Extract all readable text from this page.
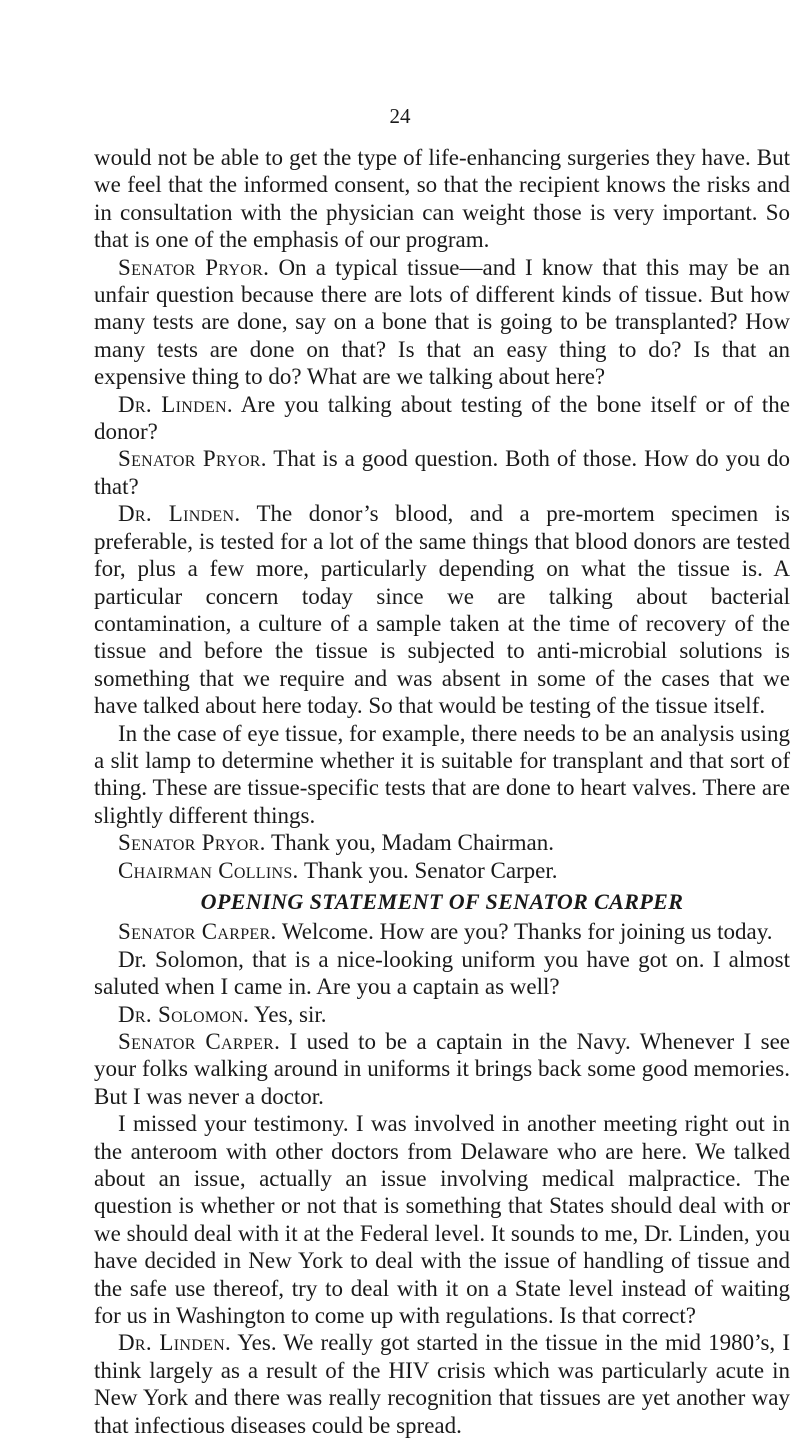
24

would not be able to get the type of life-enhancing surgeries they have. But we feel that the informed consent, so that the recipient knows the risks and in consultation with the physician can weight those is very important. So that is one of the emphasis of our program.

Senator Pryor. On a typical tissue—and I know that this may be an unfair question because there are lots of different kinds of tissue. But how many tests are done, say on a bone that is going to be transplanted? How many tests are done on that? Is that an easy thing to do? Is that an expensive thing to do? What are we talking about here?

Dr. Linden. Are you talking about testing of the bone itself or of the donor?

Senator Pryor. That is a good question. Both of those. How do you do that?

Dr. Linden. The donor’s blood, and a pre-mortem specimen is preferable, is tested for a lot of the same things that blood donors are tested for, plus a few more, particularly depending on what the tissue is. A particular concern today since we are talking about bacterial contamination, a culture of a sample taken at the time of recovery of the tissue and before the tissue is subjected to anti-microbial solutions is something that we require and was absent in some of the cases that we have talked about here today. So that would be testing of the tissue itself.

In the case of eye tissue, for example, there needs to be an analysis using a slit lamp to determine whether it is suitable for transplant and that sort of thing. These are tissue-specific tests that are done to heart valves. There are slightly different things.

Senator Pryor. Thank you, Madam Chairman.

Chairman Collins. Thank you. Senator Carper.

OPENING STATEMENT OF SENATOR CARPER

Senator Carper. Welcome. How are you? Thanks for joining us today.

Dr. Solomon, that is a nice-looking uniform you have got on. I almost saluted when I came in. Are you a captain as well?

Dr. Solomon. Yes, sir.

Senator Carper. I used to be a captain in the Navy. Whenever I see your folks walking around in uniforms it brings back some good memories. But I was never a doctor.

I missed your testimony. I was involved in another meeting right out in the anteroom with other doctors from Delaware who are here. We talked about an issue, actually an issue involving medical malpractice. The question is whether or not that is something that States should deal with or we should deal with it at the Federal level. It sounds to me, Dr. Linden, you have decided in New York to deal with the issue of handling of tissue and the safe use thereof, try to deal with it on a State level instead of waiting for us in Washington to come up with regulations. Is that correct?

Dr. Linden. Yes. We really got started in the tissue in the mid 1980’s, I think largely as a result of the HIV crisis which was particularly acute in New York and there was really recognition that tissues are yet another way that infectious diseases could be spread.
